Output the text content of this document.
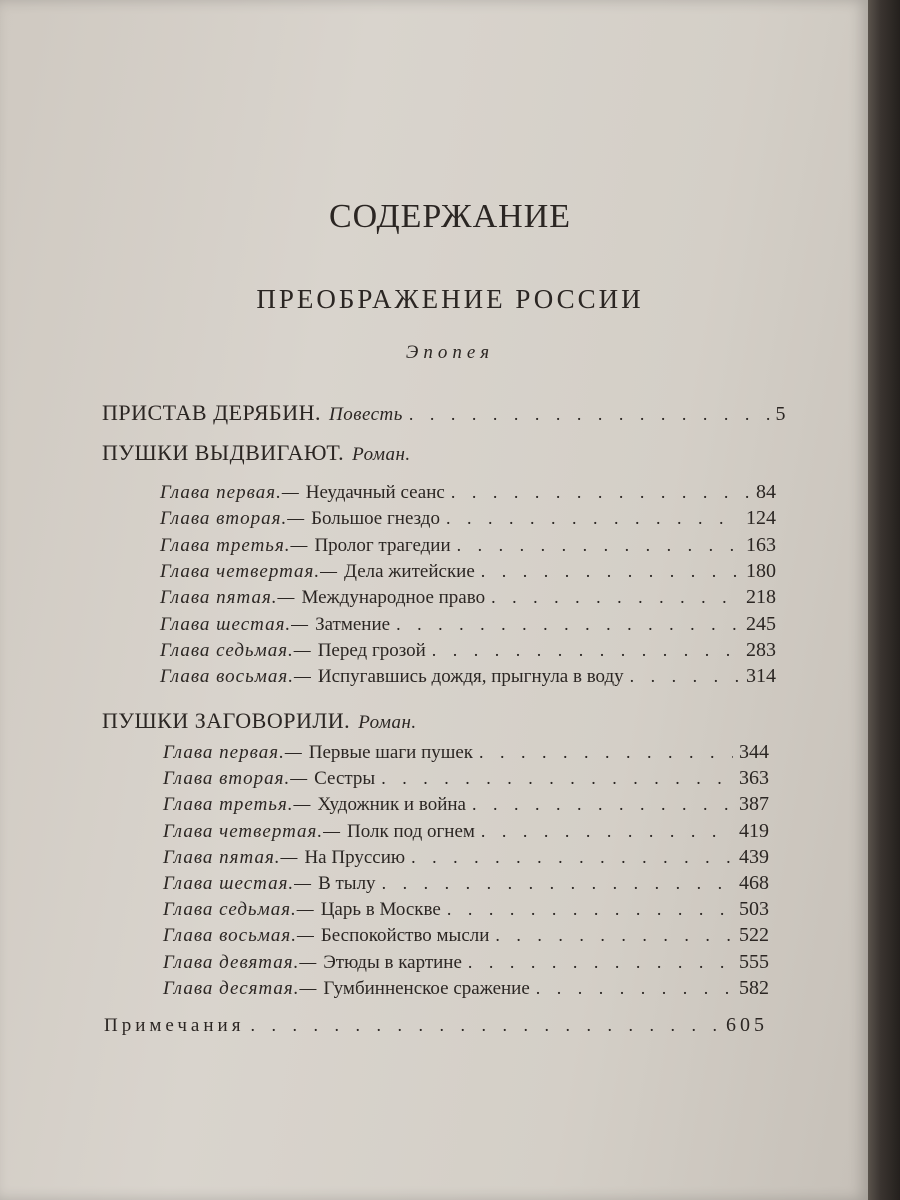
СОДЕРЖАНИЕ
ПРЕОБРАЖЕНИЕ РОССИИ
Эпопея
ПРИСТАВ ДЕРЯБИН. Повесть . . .	5
ПУШКИ ВЫДВИГАЮТ. Роман.
Глава первая.— Неудачный сеанс . . .	84
Глава вторая.— Большое гнездо . . .	124
Глава третья.— Пролог трагедии . . .	163
Глава четвертая.— Дела житейские . . .	180
Глава пятая.— Международное право . . .	218
Глава шестая.— Затмение . . .	245
Глава седьмая.— Перед грозой . . .	283
Глава восьмая.— Испугавшись дождя, прыгнула в воду . . .	314
ПУШКИ ЗАГОВОРИЛИ. Роман.
Глава первая.— Первые шаги пушек . . .	344
Глава вторая.— Сестры . . .	363
Глава третья.— Художник и война . . .	387
Глава четвертая.— Полк под огнем . . .	419
Глава пятая.— На Пруссию . . .	439
Глава шестая.— В тылу . . .	468
Глава седьмая.— Царь в Москве . . .	503
Глава восьмая.— Беспокойство мысли . . .	522
Глава девятая.— Этюды в картине . . .	555
Глава десятая.— Гумбинненское сражение . . .	582
Примечания . . .	605
